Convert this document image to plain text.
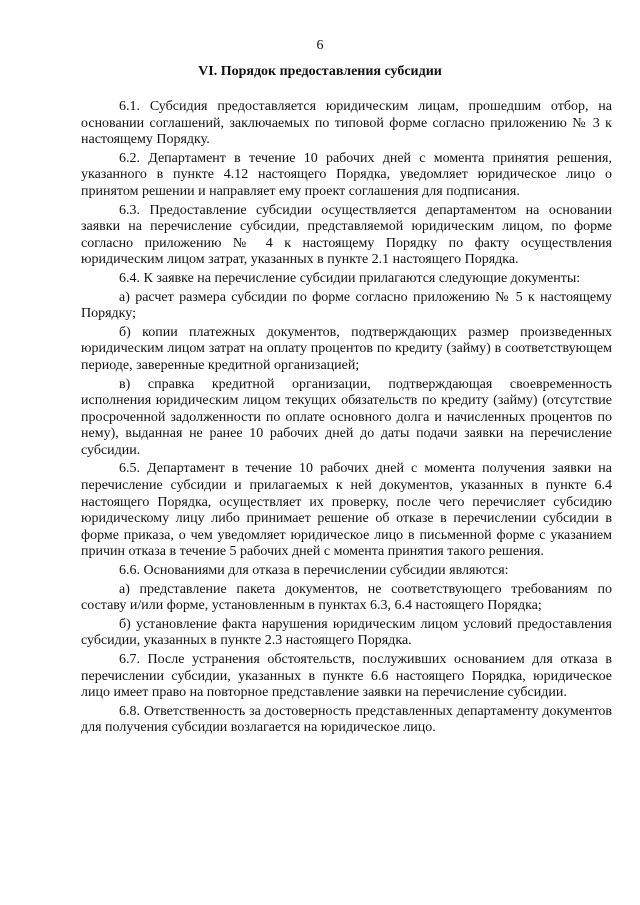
6
VI. Порядок предоставления субсидии

6.1. Субсидия предоставляется юридическим лицам, прошедшим отбор, на основании соглашений, заключаемых по типовой форме согласно приложению № 3 к настоящему Порядку.

6.2. Департамент в течение 10 рабочих дней с момента принятия решения, указанного в пункте 4.12 настоящего Порядка, уведомляет юридическое лицо о принятом решении и направляет ему проект соглашения для подписания.

6.3. Предоставление субсидии осуществляется департаментом на основании заявки на перечисление субсидии, представляемой юридическим лицом, по форме согласно приложению № 4 к настоящему Порядку по факту осуществления юридическим лицом затрат, указанных в пункте 2.1 настоящего Порядка.

6.4. К заявке на перечисление субсидии прилагаются следующие документы:

а) расчет размера субсидии по форме согласно приложению № 5 к настоящему Порядку;

б) копии платежных документов, подтверждающих размер произведенных юридическим лицом затрат на оплату процентов по кредиту (займу) в соответствующем периоде, заверенные кредитной организацией;

в) справка кредитной организации, подтверждающая своевременность исполнения юридическим лицом текущих обязательств по кредиту (займу) (отсутствие просроченной задолженности по оплате основного долга и начисленных процентов по нему), выданная не ранее 10 рабочих дней до даты подачи заявки на перечисление субсидии.

6.5. Департамент в течение 10 рабочих дней с момента получения заявки на перечисление субсидии и прилагаемых к ней документов, указанных в пункте 6.4 настоящего Порядка, осуществляет их проверку, после чего перечисляет субсидию юридическому лицу либо принимает решение об отказе в перечислении субсидии в форме приказа, о чем уведомляет юридическое лицо в письменной форме с указанием причин отказа в течение 5 рабочих дней с момента принятия такого решения.

6.6. Основаниями для отказа в перечислении субсидии являются:

а) представление пакета документов, не соответствующего требованиям по составу и/или форме, установленным в пунктах 6.3, 6.4 настоящего Порядка;

б) установление факта нарушения юридическим лицом условий предоставления субсидии, указанных в пункте 2.3 настоящего Порядка.

6.7. После устранения обстоятельств, послуживших основанием для отказа в перечислении субсидии, указанных в пункте 6.6 настоящего Порядка, юридическое лицо имеет право на повторное представление заявки на перечисление субсидии.

6.8. Ответственность за достоверность представленных департаменту документов для получения субсидии возлагается на юридическое лицо.
